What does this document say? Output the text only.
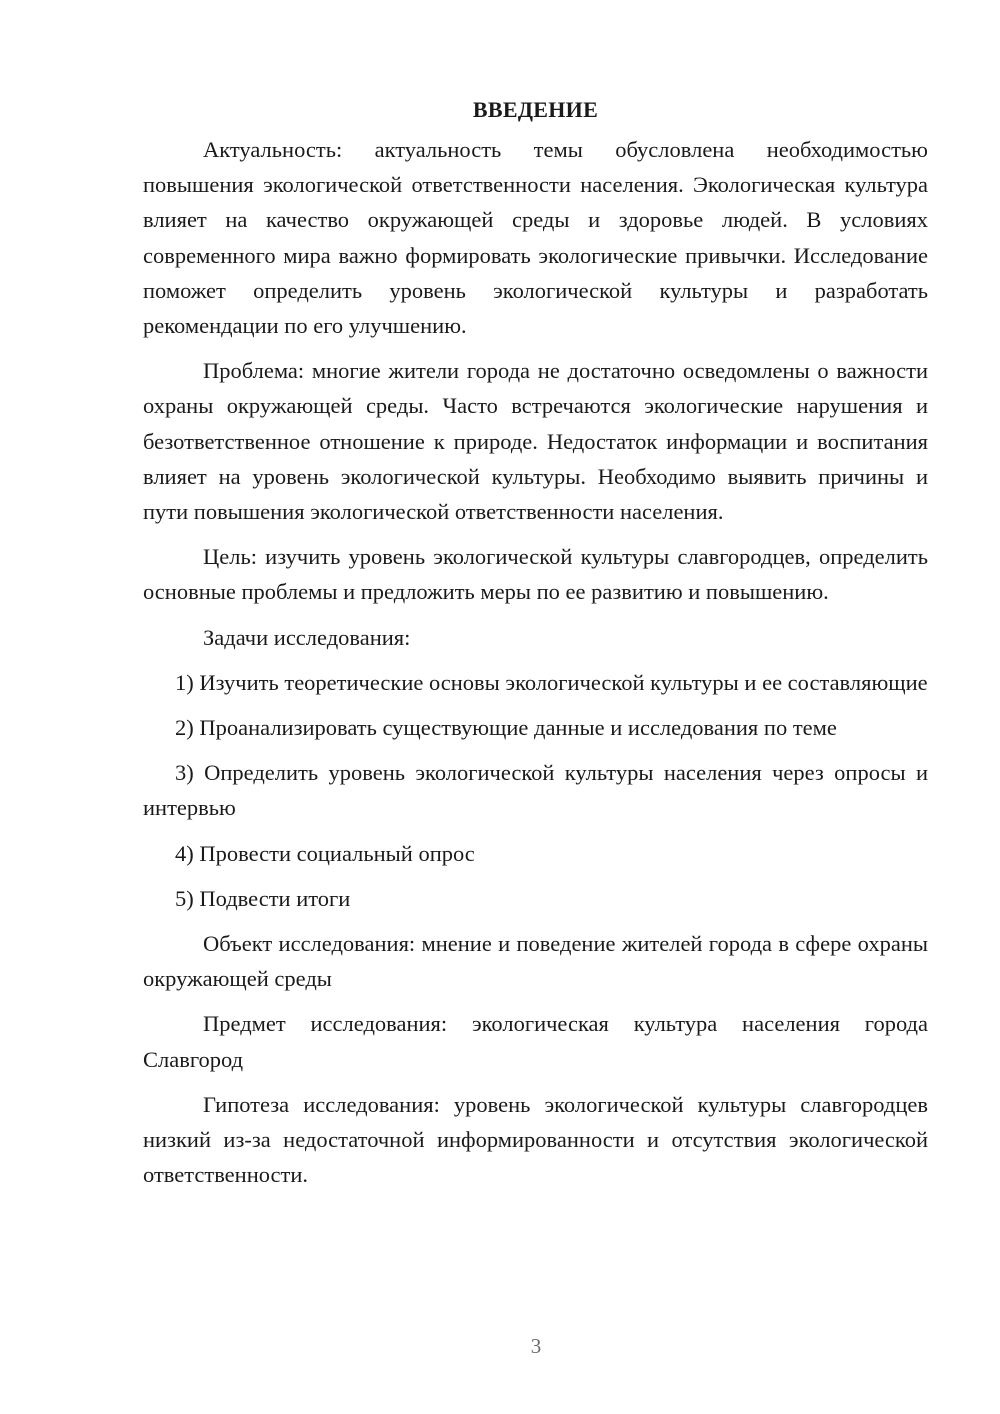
ВВЕДЕНИЕ

Актуальность: актуальность темы обусловлена необходимостью повышения экологической ответственности населения. Экологическая культура влияет на качество окружающей среды и здоровье людей. В условиях современного мира важно формировать экологические привычки. Исследование поможет определить уровень экологической культуры и разработать рекомендации по его улучшению.

Проблема: многие жители города не достаточно осведомлены о важности охраны окружающей среды. Часто встречаются экологические нарушения и безответственное отношение к природе. Недостаток информации и воспитания влияет на уровень экологической культуры. Необходимо выявить причины и пути повышения экологической ответственности населения.

Цель: изучить уровень экологической культуры славгородцев, определить основные проблемы и предложить меры по ее развитию и повышению.

Задачи исследования:

1) Изучить теоретические основы экологической культуры и ее составляющие

2) Проанализировать существующие данные и исследования по теме

3) Определить уровень экологической культуры населения через опросы и интервью

4) Провести социальный опрос

5) Подвести итоги

Объект исследования: мнение и поведение жителей города в сфере охраны окружающей среды

Предмет исследования: экологическая культура населения города Славгород

Гипотеза исследования: уровень экологической культуры славгородцев низкий из-за недостаточной информированности и отсутствия экологической ответственности.

3
